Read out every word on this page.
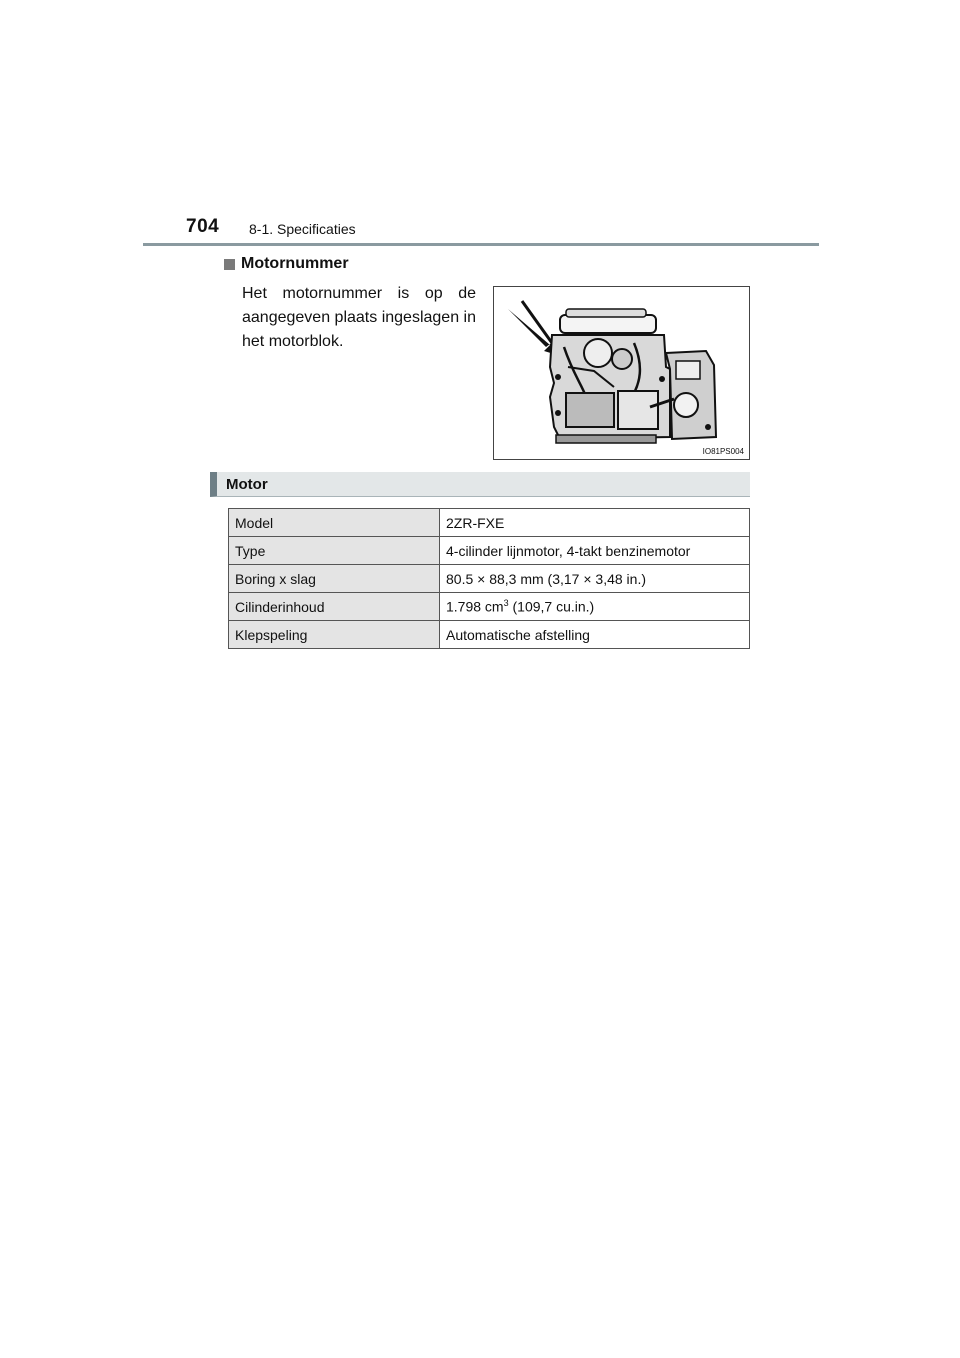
704 8-1. Specificaties
Motornummer
Het motornummer is op de aangegeven plaats ingeslagen in het motorblok.
IO81PS004
Motor
Model	2ZR-FXE
Type	4-cilinder lijnmotor, 4-takt benzinemotor
Boring x slag	80.5 × 88,3 mm (3,17 × 3,48 in.)
Cilinderinhoud	1.798 $cm^3$ (109,7 cu.in.)
Klepspeling	Automatische afstelling
